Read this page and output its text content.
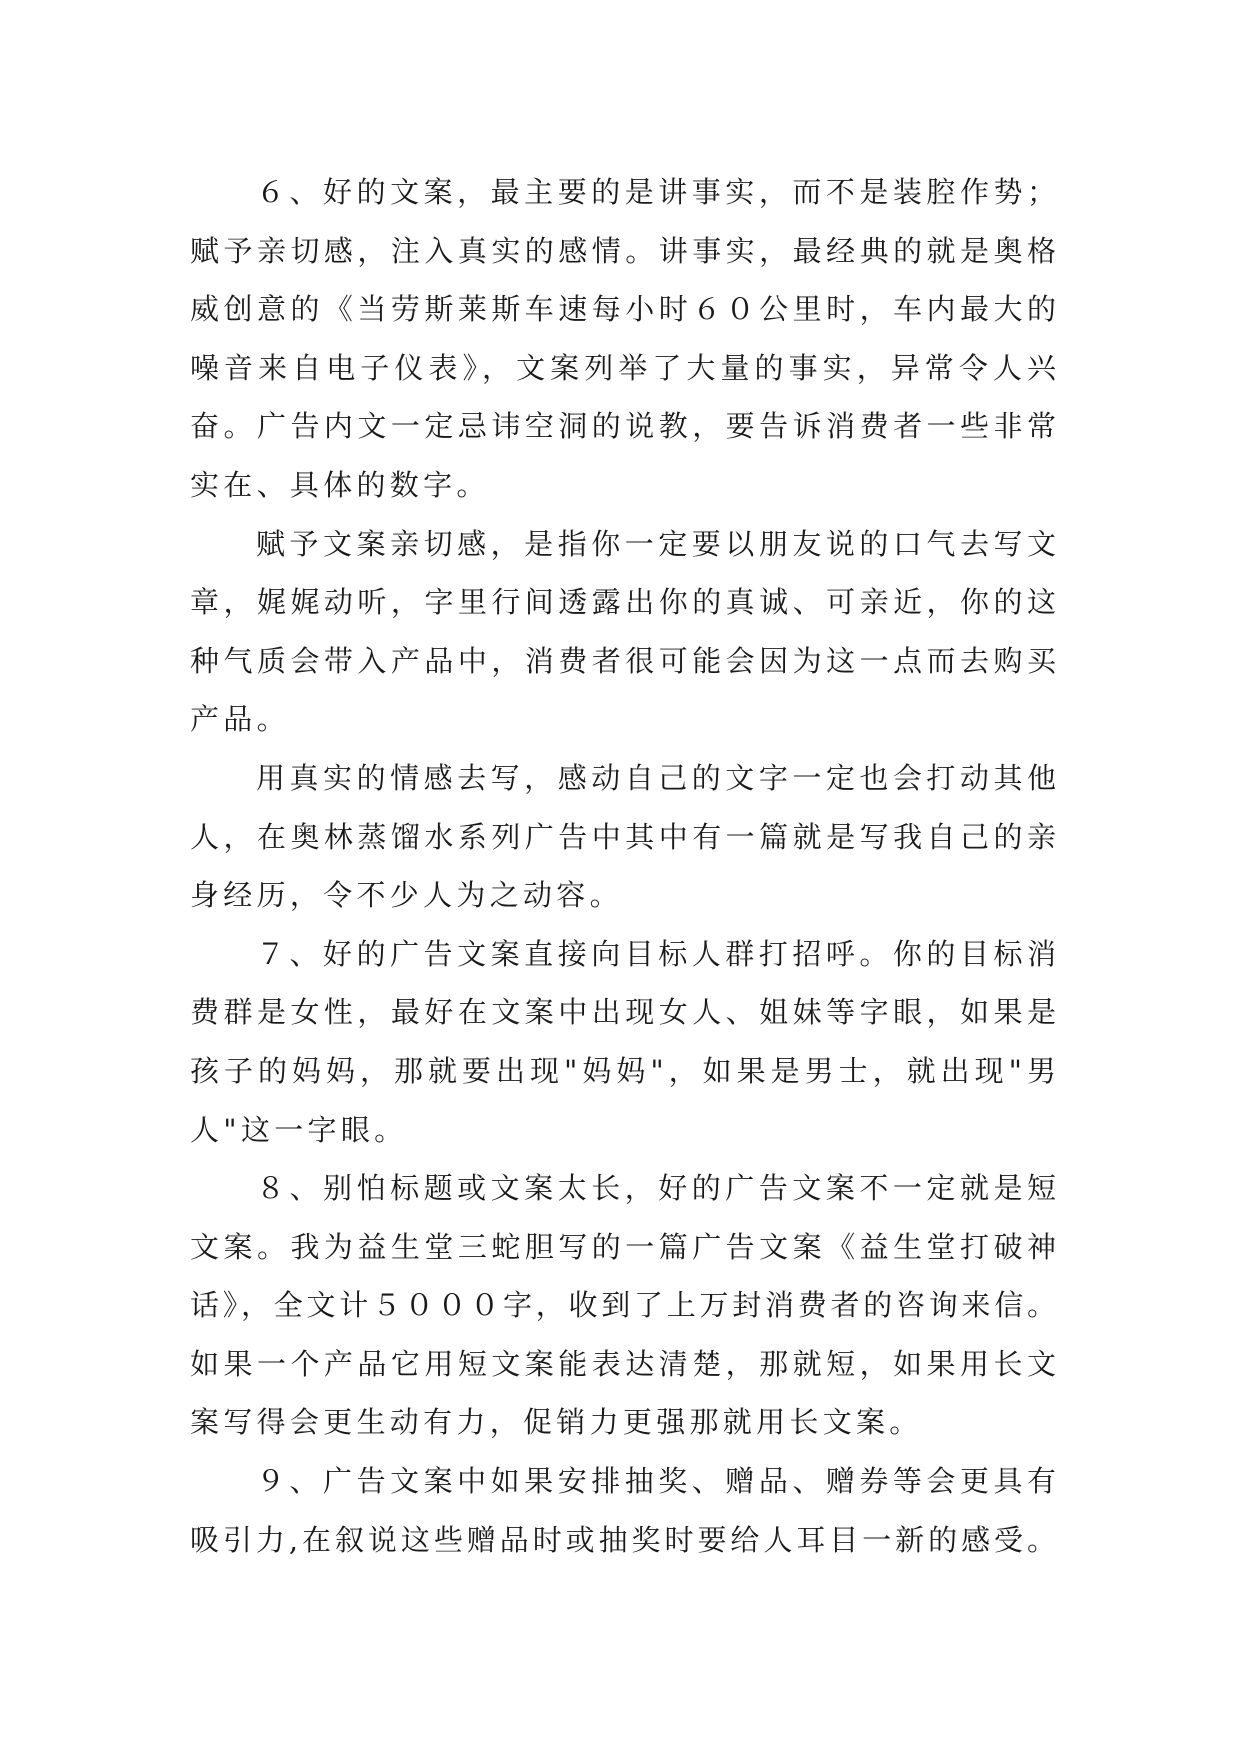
６、好的文案，最主要的是讲事实，而不是装腔作势；
赋予亲切感，注入真实的感情。讲事实，最经典的就是奥格
威创意的《当劳斯莱斯车速每小时６０公里时，车内最大的
噪音来自电子仪表》，文案列举了大量的事实，异常令人兴
奋。广告内文一定忌讳空洞的说教，要告诉消费者一些非常
实在、具体的数字。
赋予文案亲切感，是指你一定要以朋友说的口气去写文
章，娓娓动听，字里行间透露出你的真诚、可亲近，你的这
种气质会带入产品中，消费者很可能会因为这一点而去购买
产品。
用真实的情感去写，感动自己的文字一定也会打动其他
人，在奥林蒸馏水系列广告中其中有一篇就是写我自己的亲
身经历，令不少人为之动容。
７、好的广告文案直接向目标人群打招呼。你的目标消
费群是女性，最好在文案中出现女人、姐妹等字眼，如果是
孩子的妈妈，那就要出现"妈妈"，如果是男士，就出现"男
人"这一字眼。
８、别怕标题或文案太长，好的广告文案不一定就是短
文案。我为益生堂三蛇胆写的一篇广告文案《益生堂打破神
话》，全文计５０００字，收到了上万封消费者的咨询来信。
如果一个产品它用短文案能表达清楚，那就短，如果用长文
案写得会更生动有力，促销力更强那就用长文案。
９、广告文案中如果安排抽奖、赠品、赠券等会更具有
吸引力,在叙说这些赠品时或抽奖时要给人耳目一新的感受。
